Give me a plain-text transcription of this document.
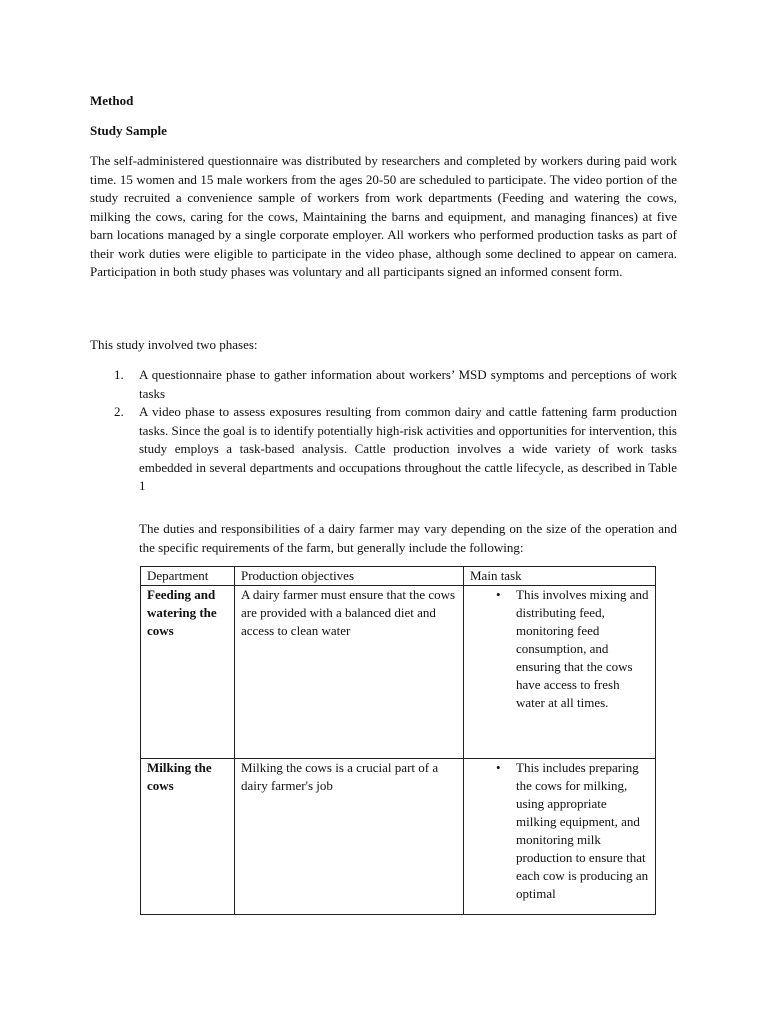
Method
Study Sample
The self-administered questionnaire was distributed by researchers and completed by workers during paid work time. 15 women and 15 male workers from the ages 20-50 are scheduled to participate. The video portion of the study recruited a convenience sample of workers from work departments (Feeding and watering the cows, milking the cows, caring for the cows, Maintaining the barns and equipment, and managing finances) at five barn locations managed by a single corporate employer. All workers who performed production tasks as part of their work duties were eligible to participate in the video phase, although some declined to appear on camera. Participation in both study phases was voluntary and all participants signed an informed consent form.
This study involved two phases:
1. A questionnaire phase to gather information about workers’ MSD symptoms and perceptions of work tasks
2. A video phase to assess exposures resulting from common dairy and cattle fattening farm production tasks. Since the goal is to identify potentially high-risk activities and opportunities for intervention, this study employs a task-based analysis. Cattle production involves a wide variety of work tasks embedded in several departments and occupations throughout the cattle lifecycle, as described in Table 1
The duties and responsibilities of a dairy farmer may vary depending on the size of the operation and the specific requirements of the farm, but generally include the following:
Department	Production objectives	Main task
Feeding and watering the cows	A dairy farmer must ensure that the cows are provided with a balanced diet and access to clean water	• This involves mixing and distributing feed, monitoring feed consumption, and ensuring that the cows have access to fresh water at all times.

Milking the cows	Milking the cows is a crucial part of a dairy farmer's job	• This includes preparing the cows for milking, using appropriate milking equipment, and monitoring milk production to ensure that each cow is producing an optimal
